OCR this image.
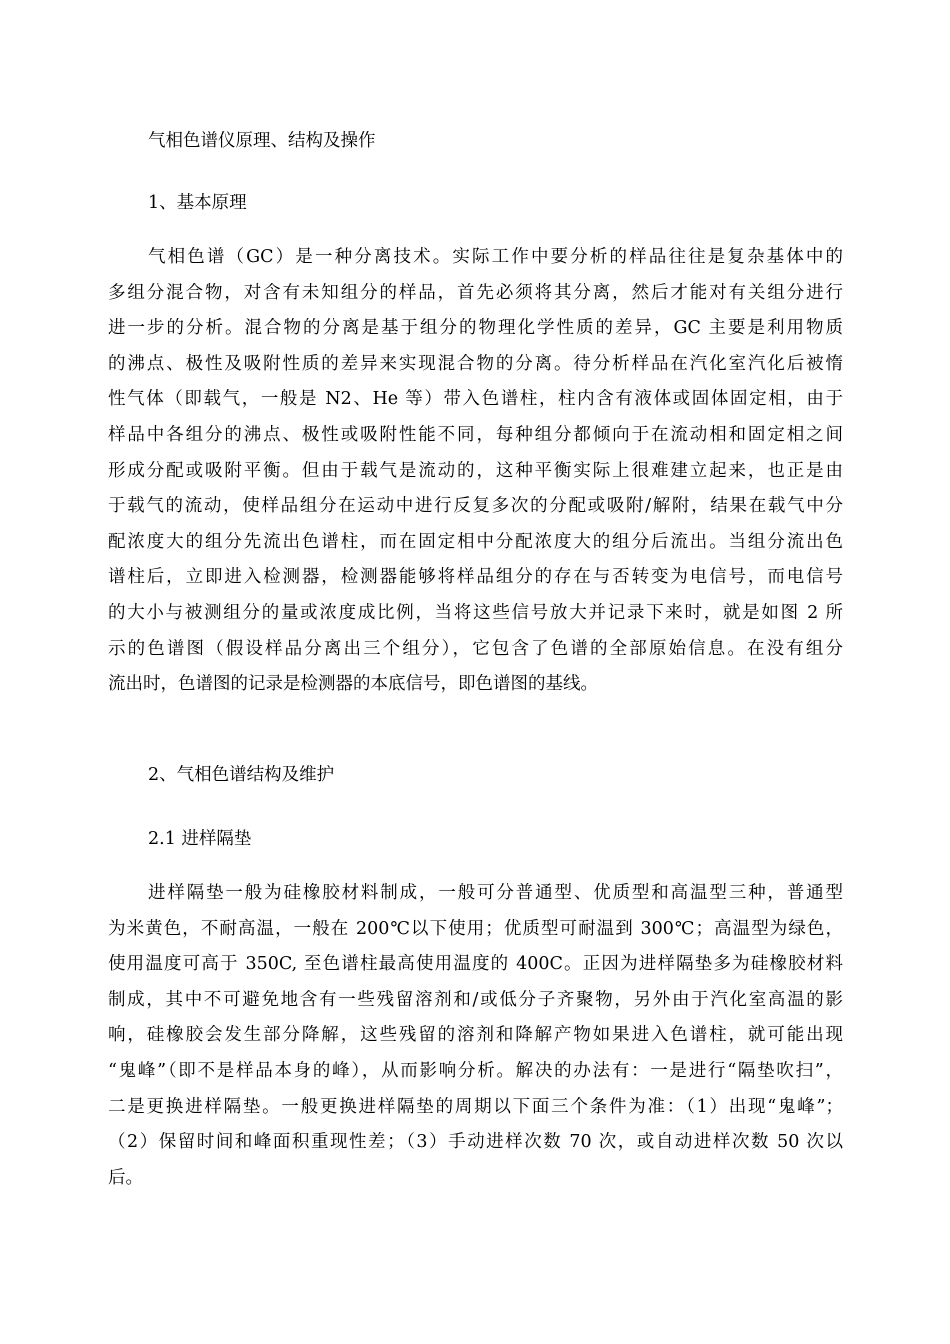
气相色谱仪原理、结构及操作
1、基本原理
气相色谱（GC）是一种分离技术。实际工作中要分析的样品往往是复杂基体中的
多组分混合物，对含有未知组分的样品，首先必须将其分离，然后才能对有关组分进行
进一步的分析。混合物的分离是基于组分的物理化学性质的差异，GC 主要是利用物质
的沸点、极性及吸附性质的差异来实现混合物的分离。待分析样品在汽化室汽化后被惰
性气体（即载气，一般是 N2、He 等）带入色谱柱，柱内含有液体或固体固定相，由于
样品中各组分的沸点、极性或吸附性能不同，每种组分都倾向于在流动相和固定相之间
形成分配或吸附平衡。但由于载气是流动的，这种平衡实际上很难建立起来，也正是由
于载气的流动，使样品组分在运动中进行反复多次的分配或吸附/解附，结果在载气中分
配浓度大的组分先流出色谱柱，而在固定相中分配浓度大的组分后流出。当组分流出色
谱柱后，立即进入检测器，检测器能够将样品组分的存在与否转变为电信号，而电信号
的大小与被测组分的量或浓度成比例，当将这些信号放大并记录下来时，就是如图 2 所
示的色谱图（假设样品分离出三个组分），它包含了色谱的全部原始信息。在没有组分
流出时，色谱图的记录是检测器的本底信号，即色谱图的基线。
2、气相色谱结构及维护
2.1 进样隔垫
进样隔垫一般为硅橡胶材料制成，一般可分普通型、优质型和高温型三种，普通型
为米黄色，不耐高温，一般在 200℃以下使用；优质型可耐温到 300℃；高温型为绿色，
使用温度可高于 350C, 至色谱柱最高使用温度的 400C。正因为进样隔垫多为硅橡胶材料
制成，其中不可避免地含有一些残留溶剂和/或低分子齐聚物，另外由于汽化室高温的影
响，硅橡胶会发生部分降解，这些残留的溶剂和降解产物如果进入色谱柱，就可能出现
“鬼峰”（即不是样品本身的峰），从而影响分析。解决的办法有：一是进行“隔垫吹扫”，
二是更换进样隔垫。一般更换进样隔垫的周期以下面三个条件为准：（1）出现“鬼峰”；
（2）保留时间和峰面积重现性差；（3）手动进样次数 70 次，或自动进样次数 50 次以
后。
